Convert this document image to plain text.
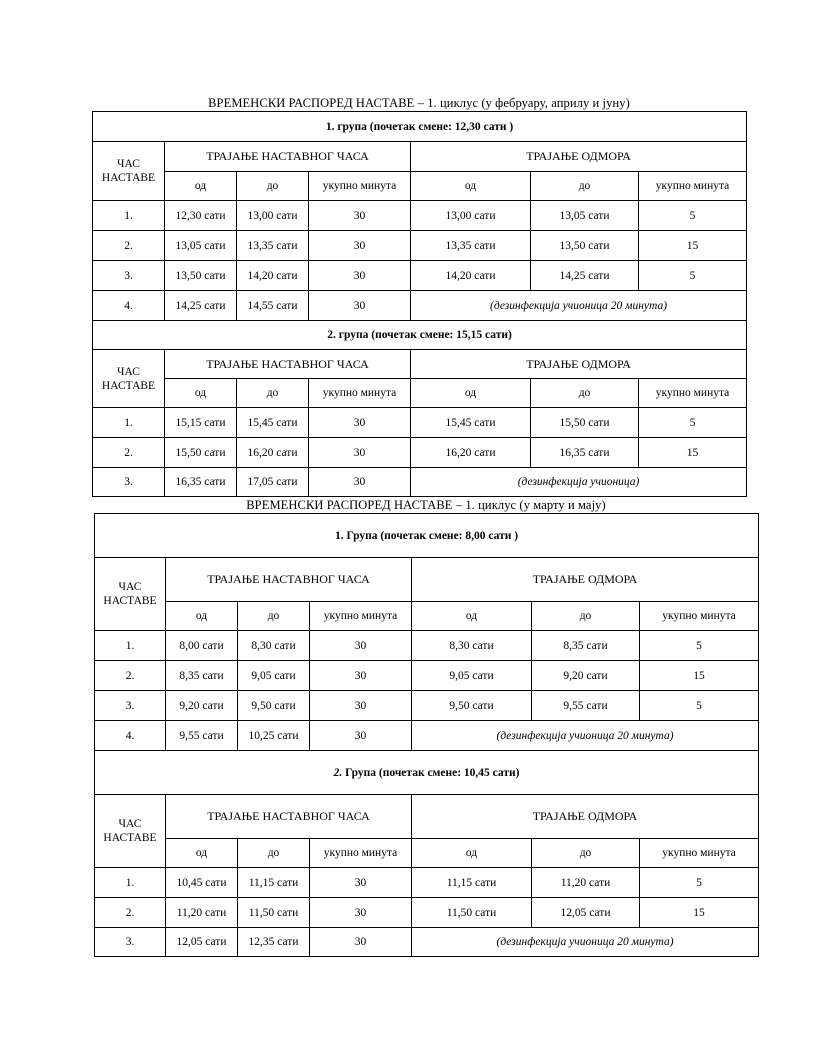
ВРЕМЕНСКИ РАСПОРЕД НАСТАВЕ – 1. циклус (у фебруару, априлу и јуну)
1. група (почетак смене: 12,30 сати )						
ЧАС
НАСТАВЕ	ТРАЈАЊЕ НАСТАВНОГ ЧАСА			ТРАЈАЊЕ ОДМОРА		
	од	до	укупно минута	од	до	укупно минута
1.	12,30 сати	13,00 сати	30	13,00 сати	13,05 сати	5
2.	13,05 сати	13,35 сати	30	13,35 сати	13,50 сати	15
3.	13,50 сати	14,20 сати	30	14,20 сати	14,25 сати	5
4.	14,25 сати	14,55 сати	30	(дезинфекција учионица 20 минута)		
2. група (почетак смене: 15,15 сати)						
ЧАС
НАСТАВЕ	ТРАЈАЊЕ НАСТАВНОГ ЧАСА			ТРАЈАЊЕ ОДМОРА		
	од	до	укупно минута	од	до	укупно минута
1.	15,15 сати	15,45 сати	30	15,45 сати	15,50 сати	5
2.	15,50 сати	16,20 сати	30	16,20 сати	16,35 сати	15
3.	16,35 сати	17,05 сати	30	(дезинфекција учионица)		
ВРЕМЕНСКИ РАСПОРЕД НАСТАВЕ – 1. циклус (у марту и мају)
1. Група (почетак смене: 8,00 сати )						
ЧАС
НАСТАВЕ	ТРАЈАЊЕ НАСТАВНОГ ЧАСА			ТРАЈАЊЕ ОДМОРА		
	од	до	укупно минута	од	до	укупно минута
1.	8,00 сати	8,30 сати	30	8,30 сати	8,35 сати	5
2.	8,35 сати	9,05 сати	30	9,05 сати	9,20 сати	15
3.	9,20 сати	9,50 сати	30	9,50 сати	9,55 сати	5
4.	9,55 сати	10,25 сати	30	(дезинфекција учионица 20 минута)		
2. Група (почетак смене: 10,45 сати)						
ЧАС
НАСТАВЕ	ТРАЈАЊЕ НАСТАВНОГ ЧАСА			ТРАЈАЊЕ ОДМОРА		
	од	до	укупно минута	од	до	укупно минута
1.	10,45 сати	11,15 сати	30	11,15 сати	11,20 сати	5
2.	11,20 сати	11,50 сати	30	11,50 сати	12,05 сати	15
3.	12,05 сати	12,35 сати	30	(дезинфекција учионица 20 минута)		
